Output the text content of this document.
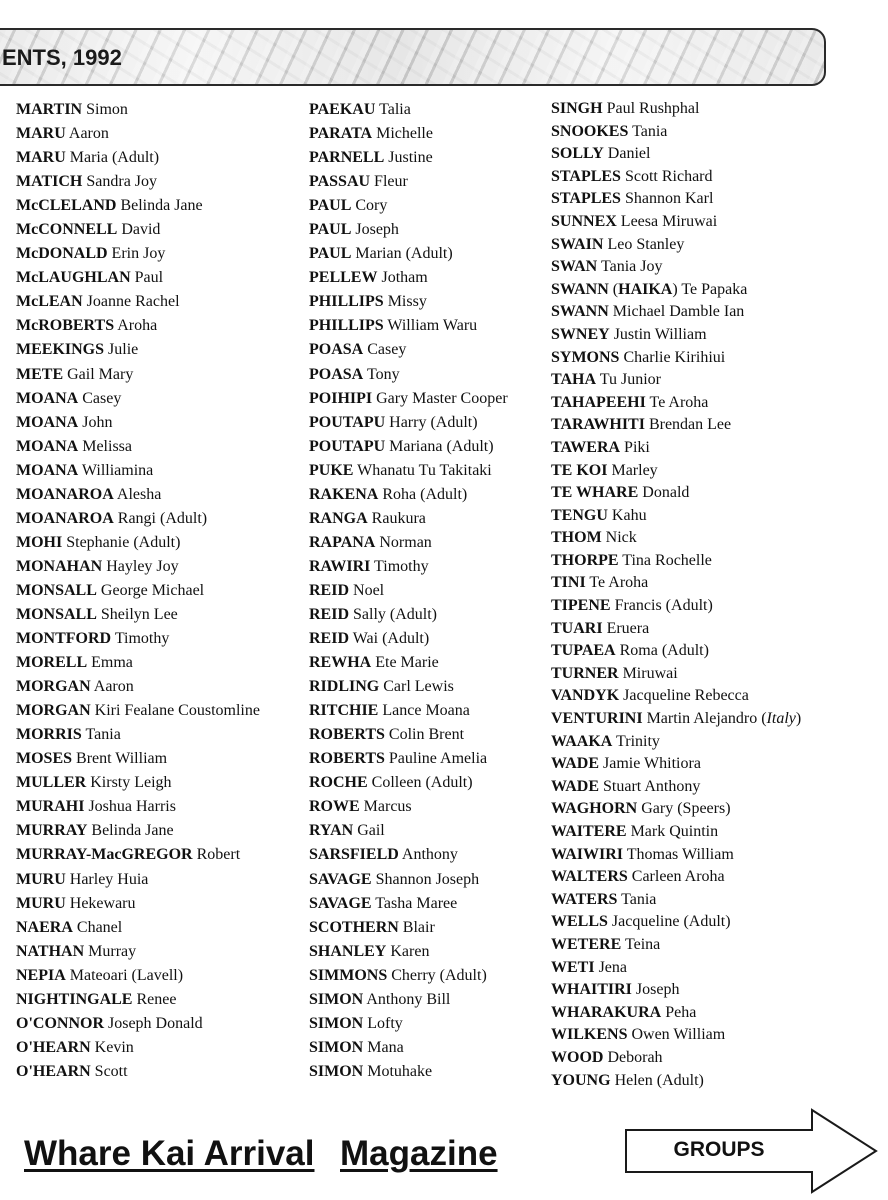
ENTS, 1992
MARTIN Simon
MARU Aaron
MARU Maria (Adult)
MATICH Sandra Joy
McCLELAND Belinda Jane
McCONNELL David
McDONALD Erin Joy
McLAUGHLAN Paul
McLEAN Joanne Rachel
McROBERTS Aroha
MEEKINGS Julie
METE Gail Mary
MOANA Casey
MOANA John
MOANA Melissa
MOANA Williamina
MOANAROA Alesha
MOANAROA Rangi (Adult)
MOHI Stephanie (Adult)
MONAHAN Hayley Joy
MONSALL George Michael
MONSALL Sheilyn Lee
MONTFORD Timothy
MORELL Emma
MORGAN Aaron
MORGAN Kiri Fealane Coustomline
MORRIS Tania
MOSES Brent William
MULLER Kirsty Leigh
MURAHI Joshua Harris
MURRAY Belinda Jane
MURRAY-MacGREGOR Robert
MURU Harley Huia
MURU Hekewaru
NAERA Chanel
NATHAN Murray
NEPIA Mateoari (Lavell)
NIGHTINGALE Renee
O'CONNOR Joseph Donald
O'HEARN Kevin
O'HEARN Scott
PAEKAU Talia
PARATA Michelle
PARNELL Justine
PASSAU Fleur
PAUL Cory
PAUL Joseph
PAUL Marian (Adult)
PELLEW Jotham
PHILLIPS Missy
PHILLIPS William Waru
POASA Casey
POASA Tony
POIHIPI Gary Master Cooper
POUTAPU Harry (Adult)
POUTAPU Mariana (Adult)
PUKE Whanatu Tu Takitaki
RAKENA Roha (Adult)
RANGA Raukura
RAPANA Norman
RAWIRI Timothy
REID Noel
REID Sally (Adult)
REID Wai (Adult)
REWHA Ete Marie
RIDLING Carl Lewis
RITCHIE Lance Moana
ROBERTS Colin Brent
ROBERTS Pauline Amelia
ROCHE Colleen (Adult)
ROWE Marcus
RYAN Gail
SARSFIELD Anthony
SAVAGE Shannon Joseph
SAVAGE Tasha Maree
SCOTHERN Blair
SHANLEY Karen
SIMMONS Cherry (Adult)
SIMON Anthony Bill
SIMON Lofty
SIMON Mana
SIMON Motuhake
SINGH Paul Rushphal
SNOOKES Tania
SOLLY Daniel
STAPLES Scott Richard
STAPLES Shannon Karl
SUNNEX Leesa Miruwai
SWAIN Leo Stanley
SWAN Tania Joy
SWANN (HAIKA) Te Papaka
SWANN Michael Damble Ian
SWNEY Justin William
SYMONS Charlie Kirihiui
TAHA Tu Junior
TAHAPEEHI Te Aroha
TARAWHITI Brendan Lee
TAWERA Piki
TE KOI Marley
TE WHARE Donald
TENGU Kahu
THOM Nick
THORPE Tina Rochelle
TINI Te Aroha
TIPENE Francis (Adult)
TUARI Eruera
TUPAEA Roma (Adult)
TURNER Miruwai
VANDYK Jacqueline Rebecca
VENTURINI Martin Alejandro (Italy)
WAAKA Trinity
WADE Jamie Whitiora
WADE Stuart Anthony
WAGHORN Gary (Speers)
WAITERE Mark Quintin
WAIWIRI Thomas William
WALTERS Carleen Aroha
WATERS Tania
WELLS Jacqueline (Adult)
WETERE Teina
WETI Jena
WHAITIRI Joseph
WHARAKURA Peha
WILKENS Owen William
WOOD Deborah
YOUNG Helen (Adult)
Whare Kai Arrival Magazine	GROUPS
